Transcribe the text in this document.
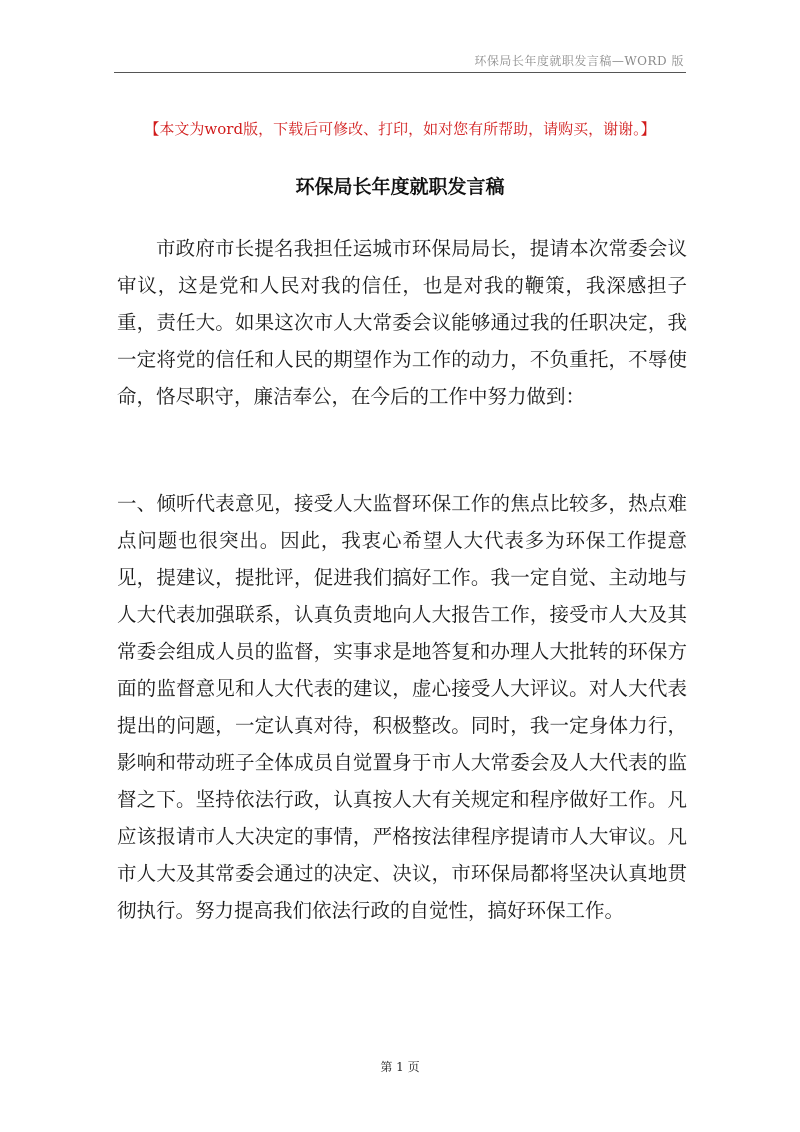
环保局长年度就职发言稿—WORD 版
【本文为word版，下载后可修改、打印，如对您有所帮助，请购买，谢谢。】
环保局长年度就职发言稿

市政府市长提名我担任运城市环保局局长，提请本次常委会议审议，这是党和人民对我的信任，也是对我的鞭策，我深感担子重，责任大。如果这次市人大常委会议能够通过我的任职决定，我一定将党的信任和人民的期望作为工作的动力，不负重托，不辱使命，恪尽职守，廉洁奉公，在今后的工作中努力做到：

一、倾听代表意见，接受人大监督环保工作的焦点比较多，热点难点问题也很突出。因此，我衷心希望人大代表多为环保工作提意见，提建议，提批评，促进我们搞好工作。我一定自觉、主动地与人大代表加强联系，认真负责地向人大报告工作，接受市人大及其常委会组成人员的监督，实事求是地答复和办理人大批转的环保方面的监督意见和人大代表的建议，虚心接受人大评议。对人大代表提出的问题，一定认真对待，积极整改。同时，我一定身体力行，影响和带动班子全体成员自觉置身于市人大常委会及人大代表的监督之下。坚持依法行政，认真按人大有关规定和程序做好工作。凡应该报请市人大决定的事情，严格按法律程序提请市人大审议。凡市人大及其常委会通过的决定、决议，市环保局都将坚决认真地贯彻执行。努力提高我们依法行政的自觉性，搞好环保工作。

第 1 页
